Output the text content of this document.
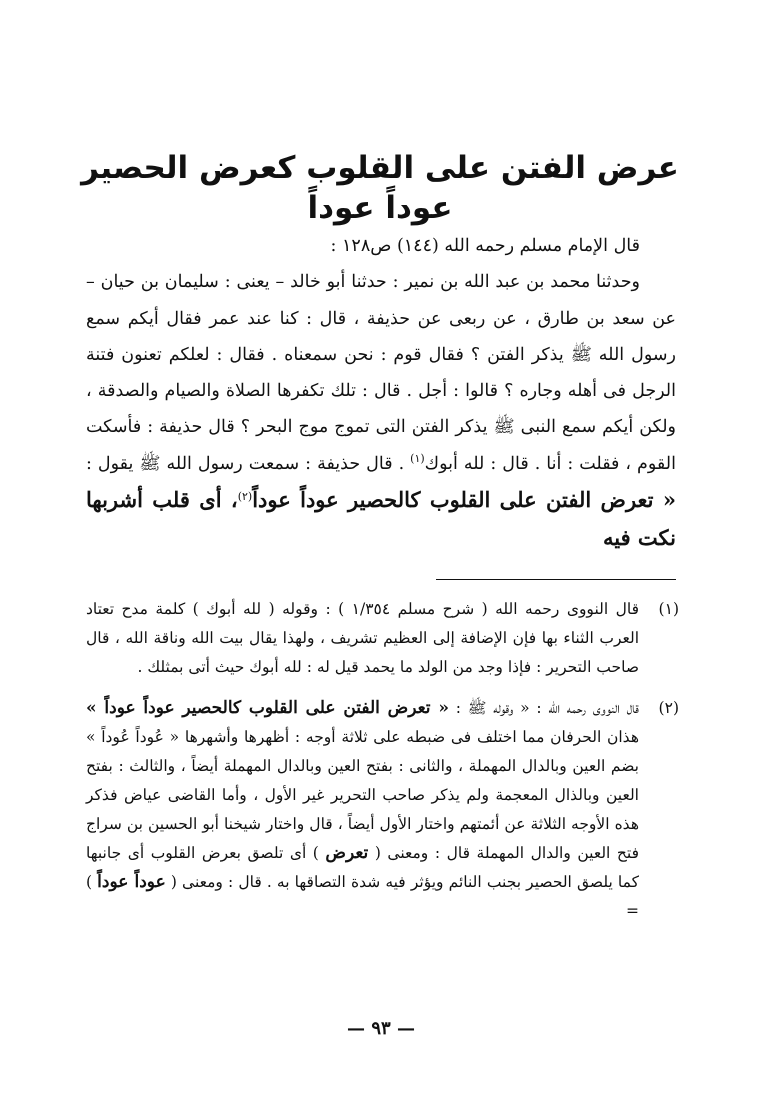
عرض الفتن على القلوب كعرض الحصير عوداً عوداً

قال الإمام مسلم رحمه الله (١٤٤) ص١٢٨ :

وحدثنا محمد بن عبد الله بن نمير : حدثنا أبو خالد – يعنى : سليمان بن حيان – عن سعد بن طارق ، عن ربعى عن حذيفة ، قال : كنا عند عمر فقال أيكم سمع رسول الله ﷺ يذكر الفتن ؟ فقال قوم : نحن سمعناه . فقال : لعلكم تعنون فتنة الرجل فى أهله وجاره ؟ قالوا : أجل . قال : تلك تكفرها الصلاة والصيام والصدقة ، ولكن أيكم سمع النبى ﷺ يذكر الفتن التى تموج موج البحر ؟ قال حذيفة : فأسكت القوم ، فقلت : أنا . قال : لله أبوك$^{(١)}$ . قال حذيفة : سمعت رسول الله ﷺ يقول : « تعرض الفتن على القلوب كالحصير عوداً عوداً$^{(٢)}$، أى قلب أشربها نكت فيه

(١)
قال النووى رحمه الله ( شرح مسلم ١/٣٥٤ ) : وقوله ( لله أبوك ) كلمة مدح تعتاد العرب الثناء بها فإن الإضافة إلى العظيم تشريف ، ولهذا يقال بيت الله وناقة الله ، قال صاحب التحرير : فإذا وجد من الولد ما يحمد قيل له : لله أبوك حيث أتى بمثلك .
(٢)
قال النووى رحمه الله : « وقوله ﷺ : « تعرض الفتن على القلوب كالحصير عوداً عوداً » هذان الحرفان مما اختلف فى ضبطه على ثلاثة أوجه : أظهرها وأشهرها « عُوداً عُوداً » بضم العين وبالدال المهملة ، والثانى : بفتح العين وبالدال المهملة أيضاً ، والثالث : بفتح العين وبالذال المعجمة ولم يذكر صاحب التحرير غير الأول ، وأما القاضى عياض فذكر هذه الأوجه الثلاثة عن أئمتهم واختار الأول أيضاً ، قال واختار شيخنا أبو الحسين بن سراج فتح العين والدال المهملة قال : ومعنى ( تعرض ) أى تلصق بعرض القلوب أى جانبها كما يلصق الحصير بجنب النائم ويؤثر فيه شدة التصاقها به . قال : ومعنى ( عوداً عوداً ) =
— ٩٣ —
